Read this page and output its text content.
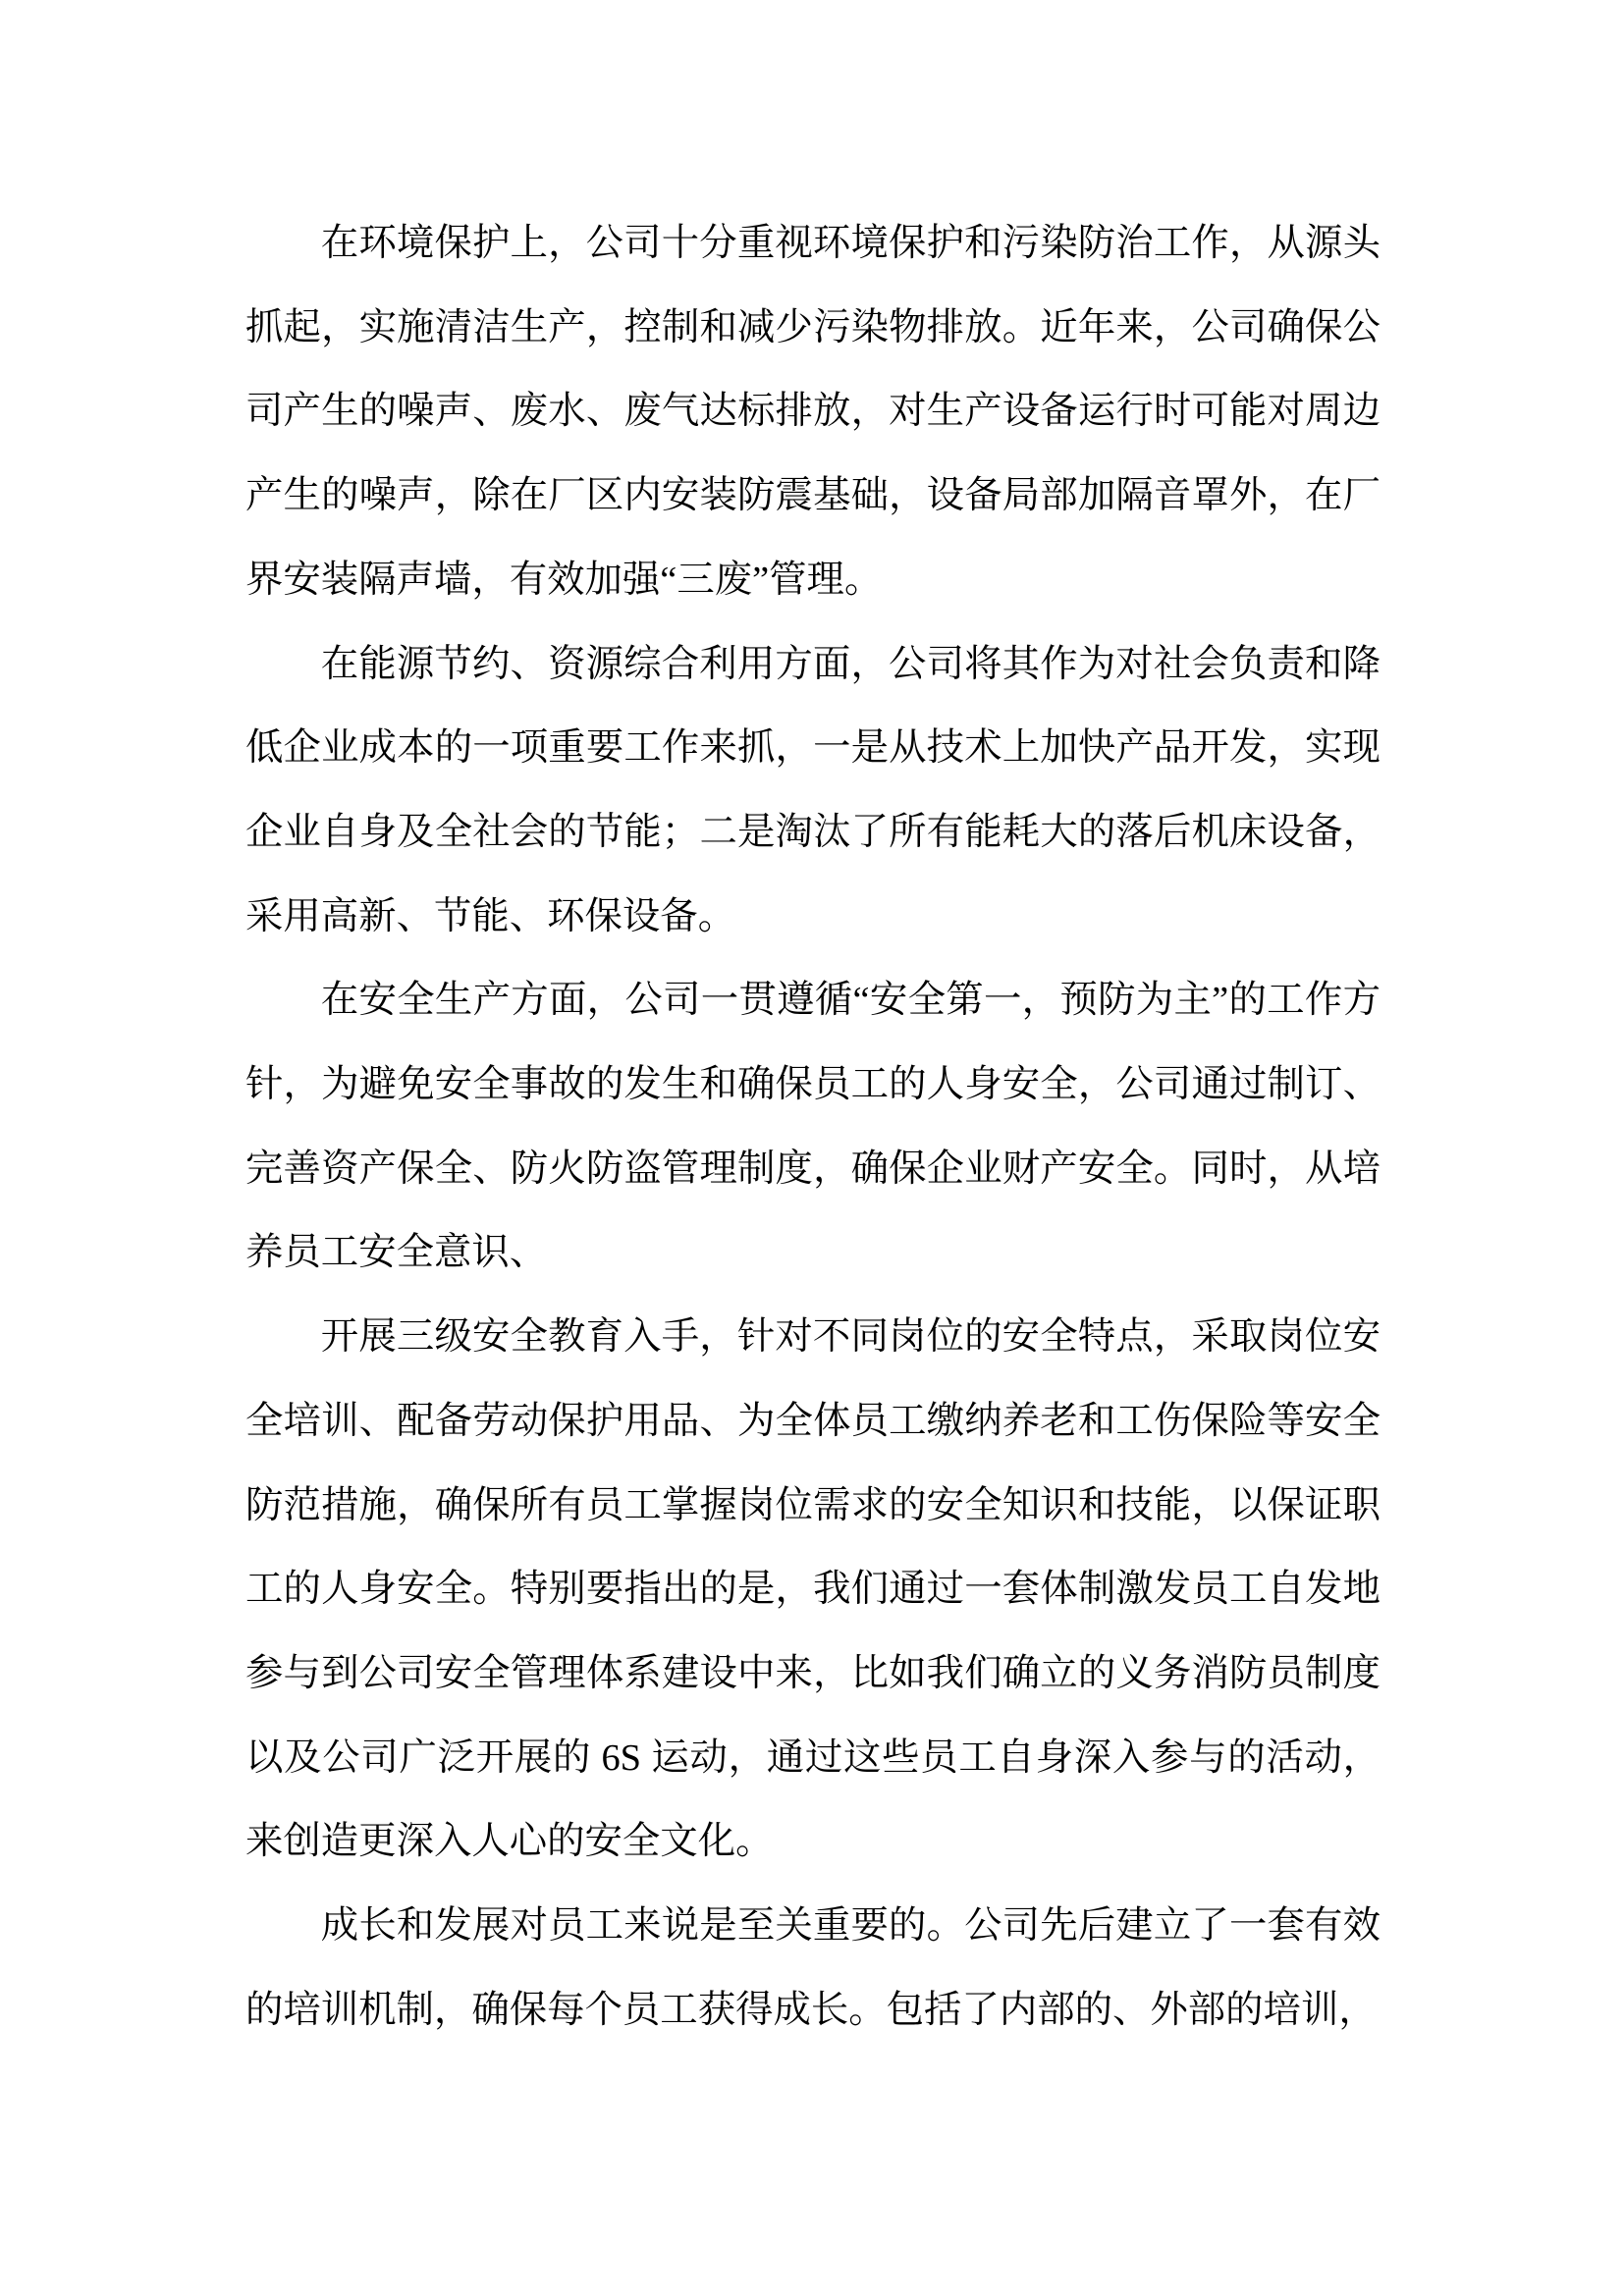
在环境保护上，公司十分重视环境保护和污染防治工作，从源头抓起，实施清洁生产，控制和减少污染物排放。近年来，公司确保公司产生的噪声、废水、废气达标排放，对生产设备运行时可能对周边产生的噪声，除在厂区内安装防震基础，设备局部加隔音罩外，在厂界安装隔声墙，有效加强“三废”管理。

在能源节约、资源综合利用方面，公司将其作为对社会负责和降低企业成本的一项重要工作来抓，一是从技术上加快产品开发，实现企业自身及全社会的节能；二是淘汰了所有能耗大的落后机床设备，采用高新、节能、环保设备。

在安全生产方面，公司一贯遵循“安全第一，预防为主”的工作方针，为避免安全事故的发生和确保员工的人身安全，公司通过制订、完善资产保全、防火防盗管理制度，确保企业财产安全。同时，从培养员工安全意识、

开展三级安全教育入手，针对不同岗位的安全特点，采取岗位安全培训、配备劳动保护用品、为全体员工缴纳养老和工伤保险等安全防范措施，确保所有员工掌握岗位需求的安全知识和技能，以保证职工的人身安全。特别要指出的是，我们通过一套体制激发员工自发地参与到公司安全管理体系建设中来，比如我们确立的义务消防员制度以及公司广泛开展的 6S 运动，通过这些员工自身深入参与的活动，来创造更深入人心的安全文化。

成长和发展对员工来说是至关重要的。公司先后建立了一套有效的培训机制，确保每个员工获得成长。包括了内部的、外部的培训，
